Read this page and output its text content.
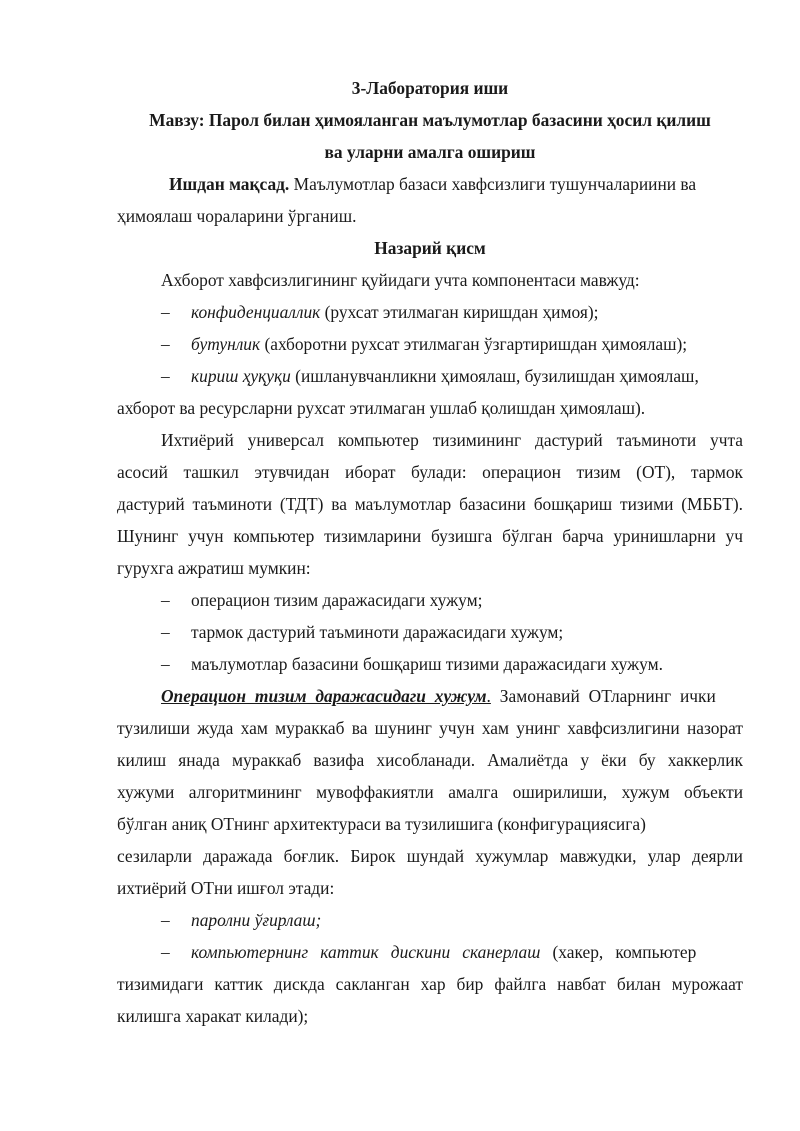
3-Лаборатория иши
Мавзу: Парол билан ҳимояланган маълумотлар базасини ҳосил қилиш
ва уларни амалга ошириш
Ишдан мақсад. Маълумотлар базаси хавфсизлиги тушунчалариини ва
ҳимоялаш чораларини ўрганиш.
Назарий қисм
Ахборот хавфсизлигининг қуйидаги учта компонентаси мавжуд:
– конфиденциаллик (рухсат этилмаган киришдан ҳимоя);
– бутунлик (ахборотни рухсат этилмаган ўзгартиришдан ҳимоялаш);
– кириш ҳуқуқи (ишланувчанликни ҳимоялаш, бузилишдан ҳимоялаш,
ахборот ва ресурсларни рухсат этилмаган ушлаб қолишдан ҳимоялаш).
Ихтиёрий универсал компьютер тизимининг дастурий таъминоти учта
асосий ташкил этувчидан иборат булади: операцион тизим (ОТ), тармок
дастурий таъминоти (ТДТ) ва маълумотлар базасини бошқариш тизими (МББТ).
Шунинг учун компьютер тизимларини бузишга бўлган барча уринишларни уч
гурухга ажратиш мумкин:
– операцион тизим даражасидаги хужум;
– тармок дастурий таъминоти даражасидаги хужум;
– маълумотлар базасини бошқариш тизими даражасидаги хужум.
Операцион тизим даражасидаги хужум. Замонавий ОТларнинг ички
тузилиши жуда хам мураккаб ва шунинг учун хам унинг хавфсизлигини назорат
килиш янада мураккаб вазифа хисобланади. Амалиётда у ёки бу хаккерлик
хужуми алгоритмининг мувоффакиятли амалга оширилиши, хужум объекти
бўлган аниқ ОТнинг архитектураси ва тузилишига (конфигурациясига)
сезиларли даражада боғлик. Бирок шундай хужумлар мавжудки, улар деярли
ихтиёрий ОТни ишғол этади:
– паролни ўғирлаш;
– компьютернинг каттик дискини сканерлаш (хакер, компьютер
тизимидаги каттик дискда сакланган хар бир файлга навбат билан мурожаат
килишга харакат килади);
